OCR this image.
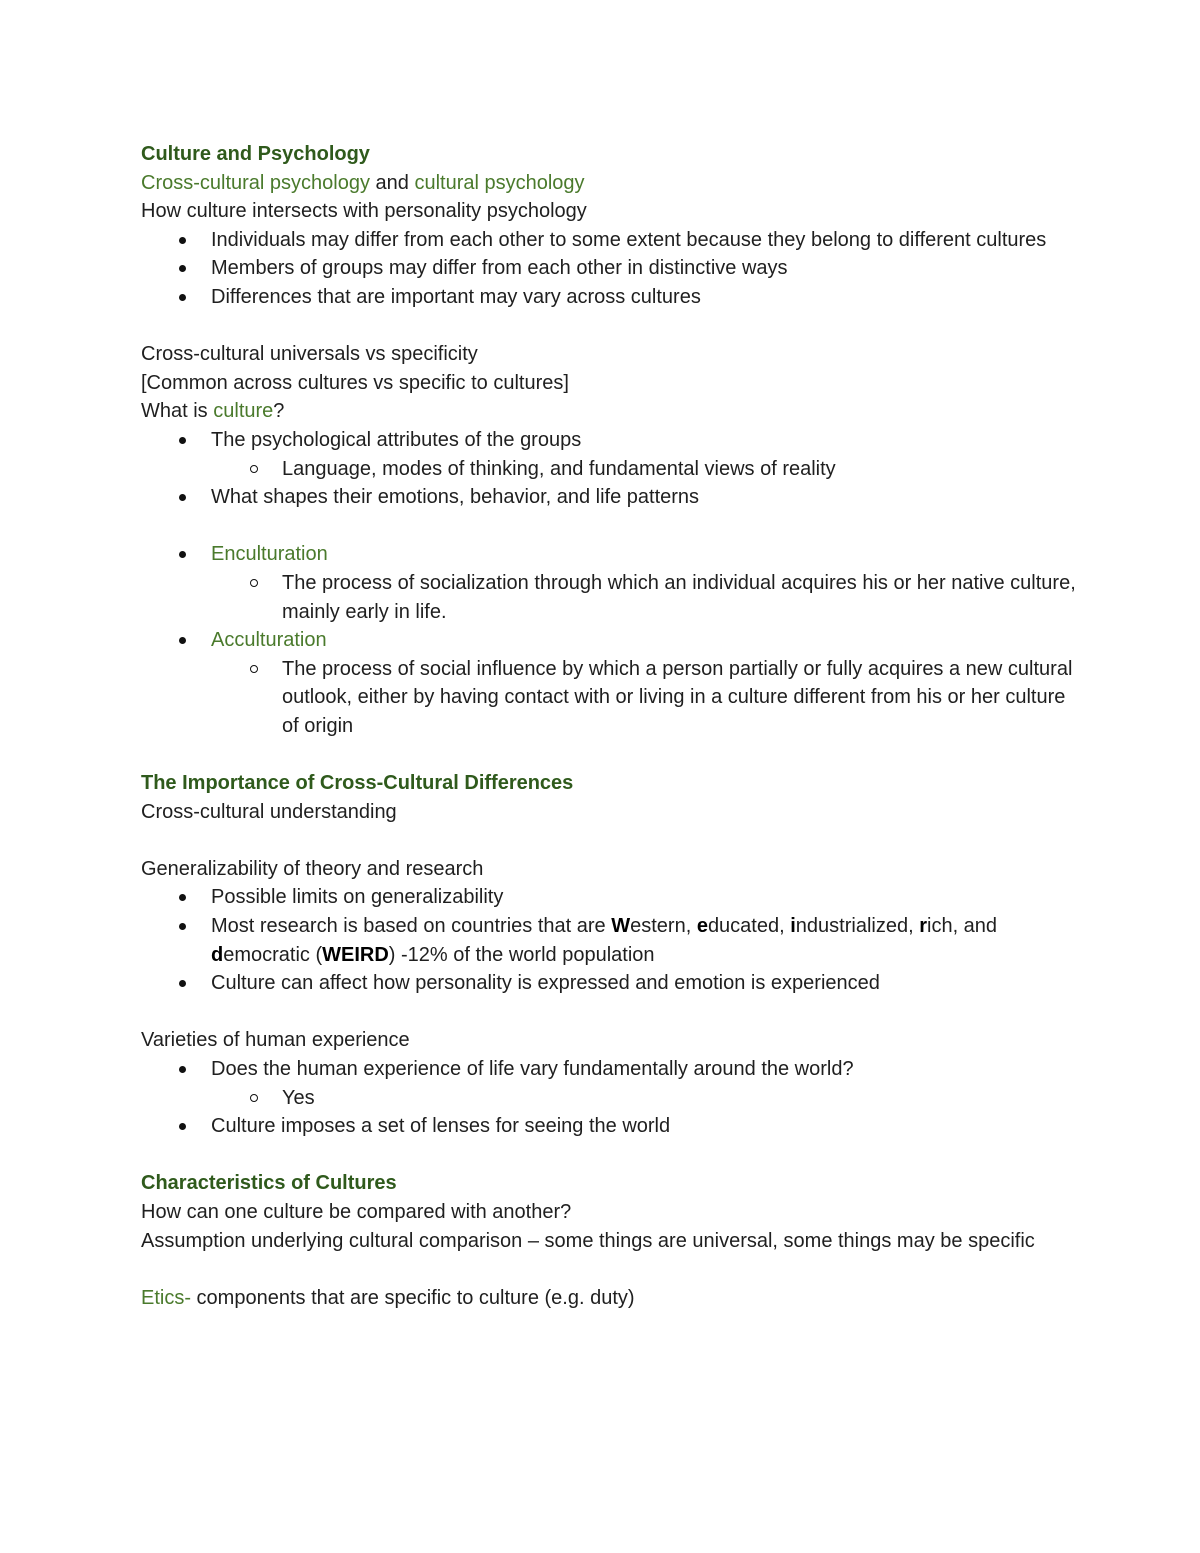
Culture and Psychology
Cross-cultural psychology and cultural psychology
How culture intersects with personality psychology
Individuals may differ from each other to some extent because they belong to different cultures
Members of groups may differ from each other in distinctive ways
Differences that are important may vary across cultures
Cross-cultural universals vs specificity
[Common across cultures vs specific to cultures]
What is culture?
The psychological attributes of the groups
Language, modes of thinking, and fundamental views of reality
What shapes their emotions, behavior, and life patterns
Enculturation
The process of socialization through which an individual acquires his or her native culture, mainly early in life.
Acculturation
The process of social influence by which a person partially or fully acquires a new cultural outlook, either by having contact with or living in a culture different from his or her culture of origin
The Importance of Cross-Cultural Differences
Cross-cultural understanding
Generalizability of theory and research
Possible limits on generalizability
Most research is based on countries that are Western, educated, industrialized, rich, and democratic (WEIRD) -12% of the world population
Culture can affect how personality is expressed and emotion is experienced
Varieties of human experience
Does the human experience of life vary fundamentally around the world?
Yes
Culture imposes a set of lenses for seeing the world
Characteristics of Cultures
How can one culture be compared with another?
Assumption underlying cultural comparison – some things are universal, some things may be specific
Etics- components that are specific to culture (e.g. duty)
